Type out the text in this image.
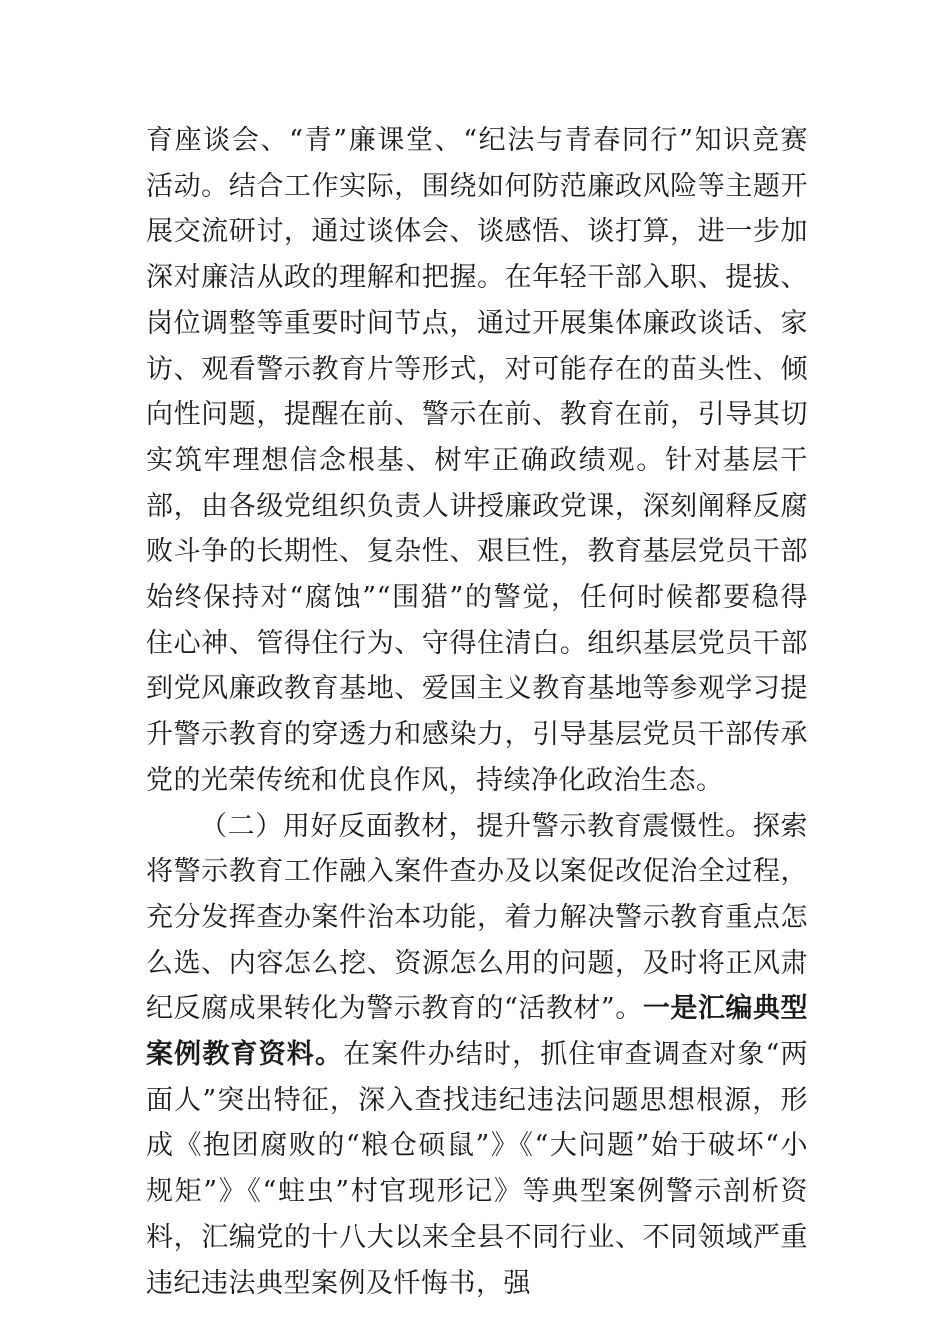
育座谈会、“青”廉课堂、“纪法与青春同行”知识竞赛活动。结合工作实际，围绕如何防范廉政风险等主题开展交流研讨，通过谈体会、谈感悟、谈打算，进一步加深对廉洁从政的理解和把握。在年轻干部入职、提拔、岗位调整等重要时间节点，通过开展集体廉政谈话、家访、观看警示教育片等形式，对可能存在的苗头性、倾向性问题，提醒在前、警示在前、教育在前，引导其切实筑牢理想信念根基、树牢正确政绩观。针对基层干部，由各级党组织负责人讲授廉政党课，深刻阐释反腐败斗争的长期性、复杂性、艰巨性，教育基层党员干部始终保持对“腐蚀”“围猎”的警觉，任何时候都要稳得住心神、管得住行为、守得住清白。组织基层党员干部到党风廉政教育基地、爱国主义教育基地等参观学习提升警示教育的穿透力和感染力，引导基层党员干部传承党的光荣传统和优良作风，持续净化政治生态。

（二）用好反面教材，提升警示教育震慑性。探索将警示教育工作融入案件查办及以案促改促治全过程，充分发挥查办案件治本功能，着力解决警示教育重点怎么选、内容怎么挖、资源怎么用的问题，及时将正风肃纪反腐成果转化为警示教育的“活教材”。一是汇编典型案例教育资料。在案件办结时，抓住审查调查对象“两面人”突出特征，深入查找违纪违法问题思想根源，形成《抱团腐败的“粮仓硕鼠”》《“大问题”始于破坏“小规矩”》《“蛀虫”村官现形记》等典型案例警示剖析资料，汇编党的十八大以来全县不同行业、不同领域严重违纪违法典型案例及忏悔书，强
